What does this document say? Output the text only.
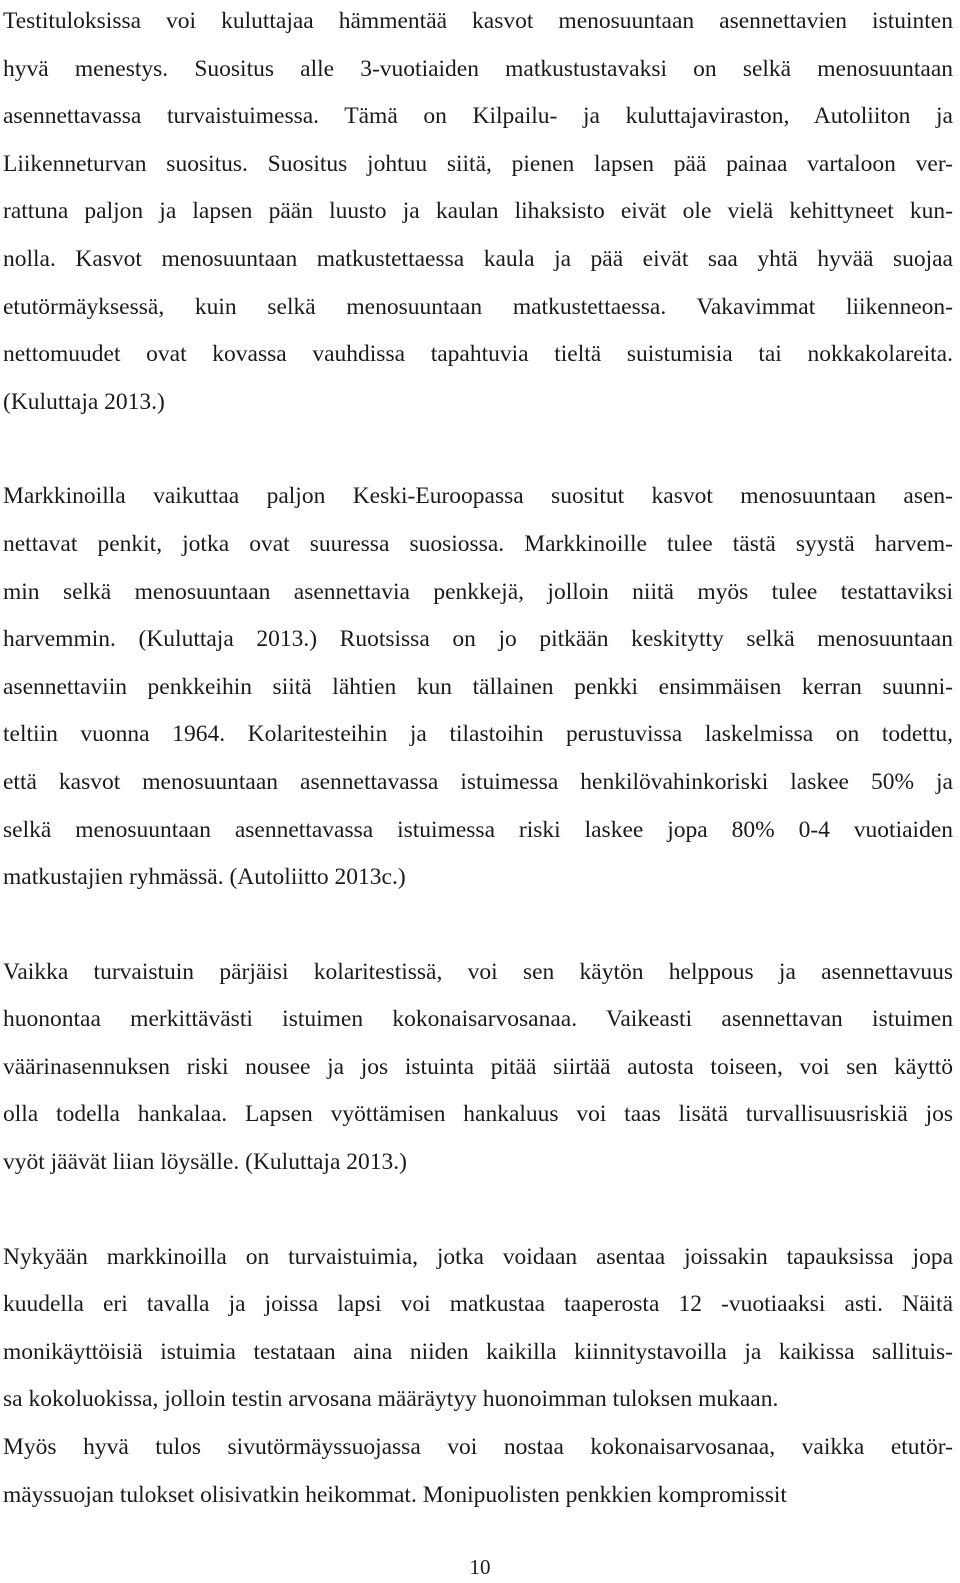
Testituloksissa voi kuluttajaa hämmentää kasvot menosuuntaan asennettavien istuinten
hyvä menestys. Suositus alle 3-vuotiaiden matkustustavaksi on selkä menosuuntaan
asennettavassa turvaistuimessa. Tämä on Kilpailu- ja kuluttajaviraston, Autoliiton ja
Liikenneturvan suositus. Suositus johtuu siitä, pienen lapsen pää painaa vartaloon ver-
rattuna paljon ja lapsen pään luusto ja kaulan lihaksisto eivät ole vielä kehittyneet kun-
nolla. Kasvot menosuuntaan matkustettaessa kaula ja pää eivät saa yhtä hyvää suojaa
etutörmäyksessä, kuin selkä menosuuntaan matkustettaessa. Vakavimmat liikenneon-
nettomuudet ovat kovassa vauhdissa tapahtuvia tieltä suistumisia tai nokkakolareita.
(Kuluttaja 2013.)

Markkinoilla vaikuttaa paljon Keski-Euroopassa suositut kasvot menosuuntaan asen-
nettavat penkit, jotka ovat suuressa suosiossa. Markkinoille tulee tästä syystä harvem-
min selkä menosuuntaan asennettavia penkkejä, jolloin niitä myös tulee testattaviksi
harvemmin. (Kuluttaja 2013.) Ruotsissa on jo pitkään keskitytty selkä menosuuntaan
asennettaviin penkkeihin siitä lähtien kun tällainen penkki ensimmäisen kerran suunni-
teltiin vuonna 1964. Kolaritesteihin ja tilastoihin perustuvissa laskelmissa on todettu,
että kasvot menosuuntaan asennettavassa istuimessa henkilövahinkoriski laskee 50% ja
selkä menosuuntaan asennettavassa istuimessa riski laskee jopa 80% 0-4 vuotiaiden
matkustajien ryhmässä. (Autoliitto 2013c.)

Vaikka turvaistuin pärjäisi kolaritestissä, voi sen käytön helppous ja asennettavuus
huonontaa merkittävästi istuimen kokonaisarvosanaa. Vaikeasti asennettavan istuimen
väärinasennuksen riski nousee ja jos istuinta pitää siirtää autosta toiseen, voi sen käyttö
olla todella hankalaa. Lapsen vyöttämisen hankaluus voi taas lisätä turvallisuusriskiä jos
vyöt jäävät liian löysälle. (Kuluttaja 2013.)

Nykyään markkinoilla on turvaistuimia, jotka voidaan asentaa joissakin tapauksissa jopa
kuudella eri tavalla ja joissa lapsi voi matkustaa taaperosta 12 -vuotiaaksi asti. Näitä
monikäyttöisiä istuimia testataan aina niiden kaikilla kiinnitystavoilla ja kaikissa sallituis-
sa kokoluokissa, jolloin testin arvosana määräytyy huonoimman tuloksen mukaan.
Myös hyvä tulos sivutörmäyssuojassa voi nostaa kokonaisarvosanaa, vaikka etutör-
mäyssuojan tulokset olisivatkin heikommat. Monipuolisten penkkien kompromissit

10
